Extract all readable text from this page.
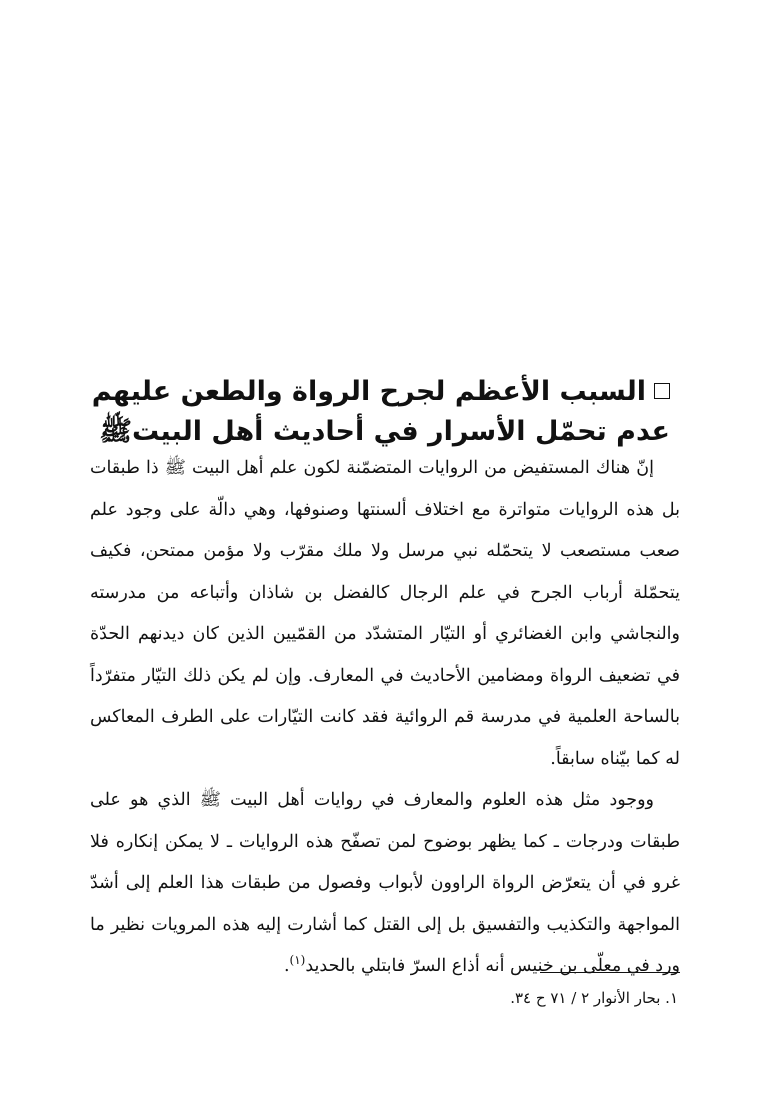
السبب الأعظم لجرح الرواة والطعن عليهم
عدم تحمّل الأسرار في أحاديث أهل البيتﷺ

إنّ هناك المستفيض من الروايات المتضمّنة لكون علم أهل البيت ﷺ ذا طبقات بل هذه الروايات متواترة مع اختلاف ألسنتها وصنوفها، وهي دالّة على وجود علم صعب مستصعب لا يتحمّله نبي مرسل ولا ملك مقرّب ولا مؤمن ممتحن، فكيف يتحمّلة أرباب الجرح في علم الرجال كالفضل بن شاذان وأتباعه من مدرسته والنجاشي وابن الغضائري أو التيّار المتشدّد من القمّيين الذين كان ديدنهم الحدّة في تضعيف الرواة ومضامين الأحاديث في المعارف. وإن لم يكن ذلك التيّار متفرّداً بالساحة العلمية في مدرسة قم الروائية فقد كانت التيّارات على الطرف المعاكس له كما بيّناه سابقاً.

ووجود مثل هذه العلوم والمعارف في روايات أهل البيت ﷺ الذي هو على طبقات ودرجات ـ كما يظهر بوضوح لمن تصفّح هذه الروايات ـ لا يمكن إنكاره فلا غرو في أن يتعرّض الرواة الراوون لأبواب وفصول من طبقات هذا العلم إلى أشدّ المواجهة والتكذيب والتفسيق بل إلى القتل كما أشارت إليه هذه المرويات نظير ما ورد في معلّى بن خنيس أنه أذاع السرّ فابتلي بالحديد$^{(١)}$.

١. بحار الأنوار ٢ / ٧١ ح ٣٤.
